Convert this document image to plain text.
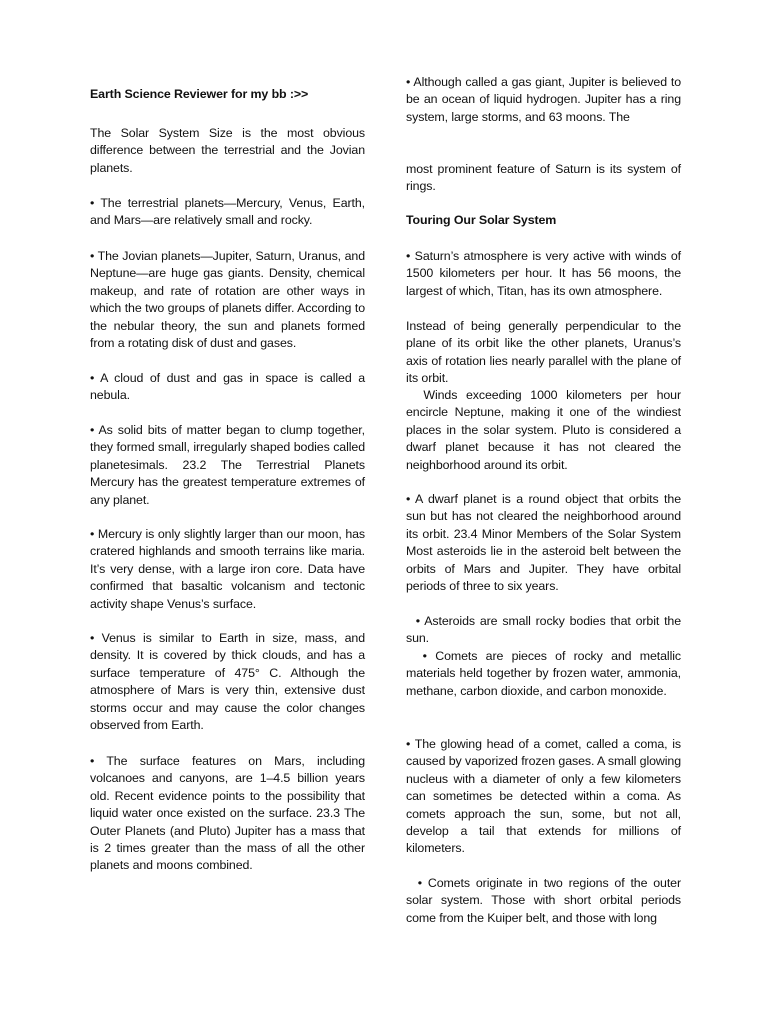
Earth Science Reviewer for my bb :>>

The Solar System Size is the most obvious difference between the terrestrial and the Jovian planets.

• The terrestrial planets—Mercury, Venus, Earth, and Mars—are relatively small and rocky.

• The Jovian planets—Jupiter, Saturn, Uranus, and Neptune—are huge gas giants. Density, chemical makeup, and rate of rotation are other ways in which the two groups of planets differ. According to the nebular theory, the sun and planets formed from a rotating disk of dust and gases.

• A cloud of dust and gas in space is called a nebula.

• As solid bits of matter began to clump together, they formed small, irregularly shaped bodies called planetesimals. 23.2 The Terrestrial Planets Mercury has the greatest temperature extremes of any planet.

• Mercury is only slightly larger than our moon, has cratered highlands and smooth terrains like maria. It’s very dense, with a large iron core. Data have confirmed that basaltic volcanism and tectonic activity shape Venus’s surface.

• Venus is similar to Earth in size, mass, and density. It is covered by thick clouds, and has a surface temperature of 475° C. Although the atmosphere of Mars is very thin, extensive dust storms occur and may cause the color changes observed from Earth.

• The surface features on Mars, including volcanoes and canyons, are 1–4.5 billion years old. Recent evidence points to the possibility that liquid water once existed on the surface. 23.3 The Outer Planets (and Pluto) Jupiter has a mass that is 2 times greater than the mass of all the other planets and moons combined.

• Although called a gas giant, Jupiter is believed to be an ocean of liquid hydrogen. Jupiter has a ring system, large storms, and 63 moons. The

most prominent feature of Saturn is its system of rings.

Touring Our Solar System

• Saturn’s atmosphere is very active with winds of 1500 kilometers per hour. It has 56 moons, the largest of which, Titan, has its own atmosphere.

Instead of being generally perpendicular to the plane of its orbit like the other planets, Uranus’s axis of rotation lies nearly parallel with the plane of its orbit.

Winds exceeding 1000 kilometers per hour encircle Neptune, making it one of the windiest places in the solar system. Pluto is considered a dwarf planet because it has not cleared the neighborhood around its orbit.

• A dwarf planet is a round object that orbits the sun but has not cleared the neighborhood around its orbit. 23.4 Minor Members of the Solar System Most asteroids lie in the asteroid belt between the orbits of Mars and Jupiter. They have orbital periods of three to six years.

• Asteroids are small rocky bodies that orbit the sun.

• Comets are pieces of rocky and metallic materials held together by frozen water, ammonia, methane, carbon dioxide, and carbon monoxide.

• The glowing head of a comet, called a coma, is caused by vaporized frozen gases. A small glowing nucleus with a diameter of only a few kilometers can sometimes be detected within a coma. As comets approach the sun, some, but not all, develop a tail that extends for millions of kilometers.

• Comets originate in two regions of the outer solar system. Those with short orbital periods come from the Kuiper belt, and those with long
